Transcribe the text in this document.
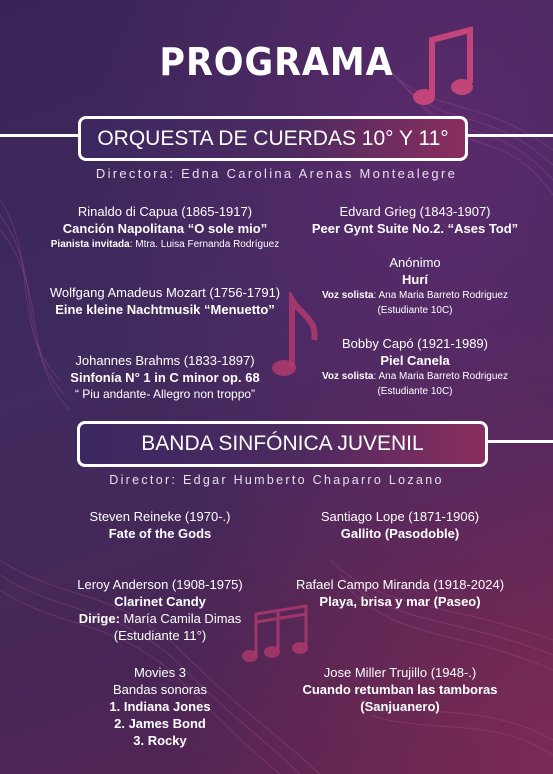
PROGRAMA
ORQUESTA DE CUERDAS 10° Y 11°
Directora: Edna Carolina Arenas Montealegre
Rinaldo di Capua (1865-1917)
Canción Napolitana “O sole mio”
Pianista invitada: Mtra. Luisa Fernanda Rodríguez
Wolfgang Amadeus Mozart (1756-1791)
Eine kleine Nachtmusik “Menuetto”
Johannes Brahms (1833-1897)
Sinfonía N° 1 in C minor op. 68
“ Piu andante- Allegro non troppo”
Edvard Grieg (1843-1907)
Peer Gynt Suite No.2. “Ases Tod”
Anónimo
Hurí
Voz solista: Ana Maria Barreto Rodriguez
(Estudiante 10C)
Bobby Capó (1921-1989)
Piel Canela
Voz solista: Ana Maria Barreto Rodriguez
(Estudiante 10C)
BANDA SINFÓNICA JUVENIL
Director: Edgar Humberto Chaparro Lozano
Steven Reineke (1970-.)
Fate of the Gods
Leroy Anderson (1908-1975)
Clarinet Candy
Dirige: María Camila Dimas
(Estudiante 11°)
Movies 3
Bandas sonoras
1. Indiana Jones
2. James Bond
3. Rocky
Santiago Lope (1871-1906)
Gallito (Pasodoble)
Rafael Campo Miranda (1918-2024)
Playa, brisa y mar (Paseo)
Jose Miller Trujillo (1948-.)
Cuando retumban las tamboras
(Sanjuanero)
